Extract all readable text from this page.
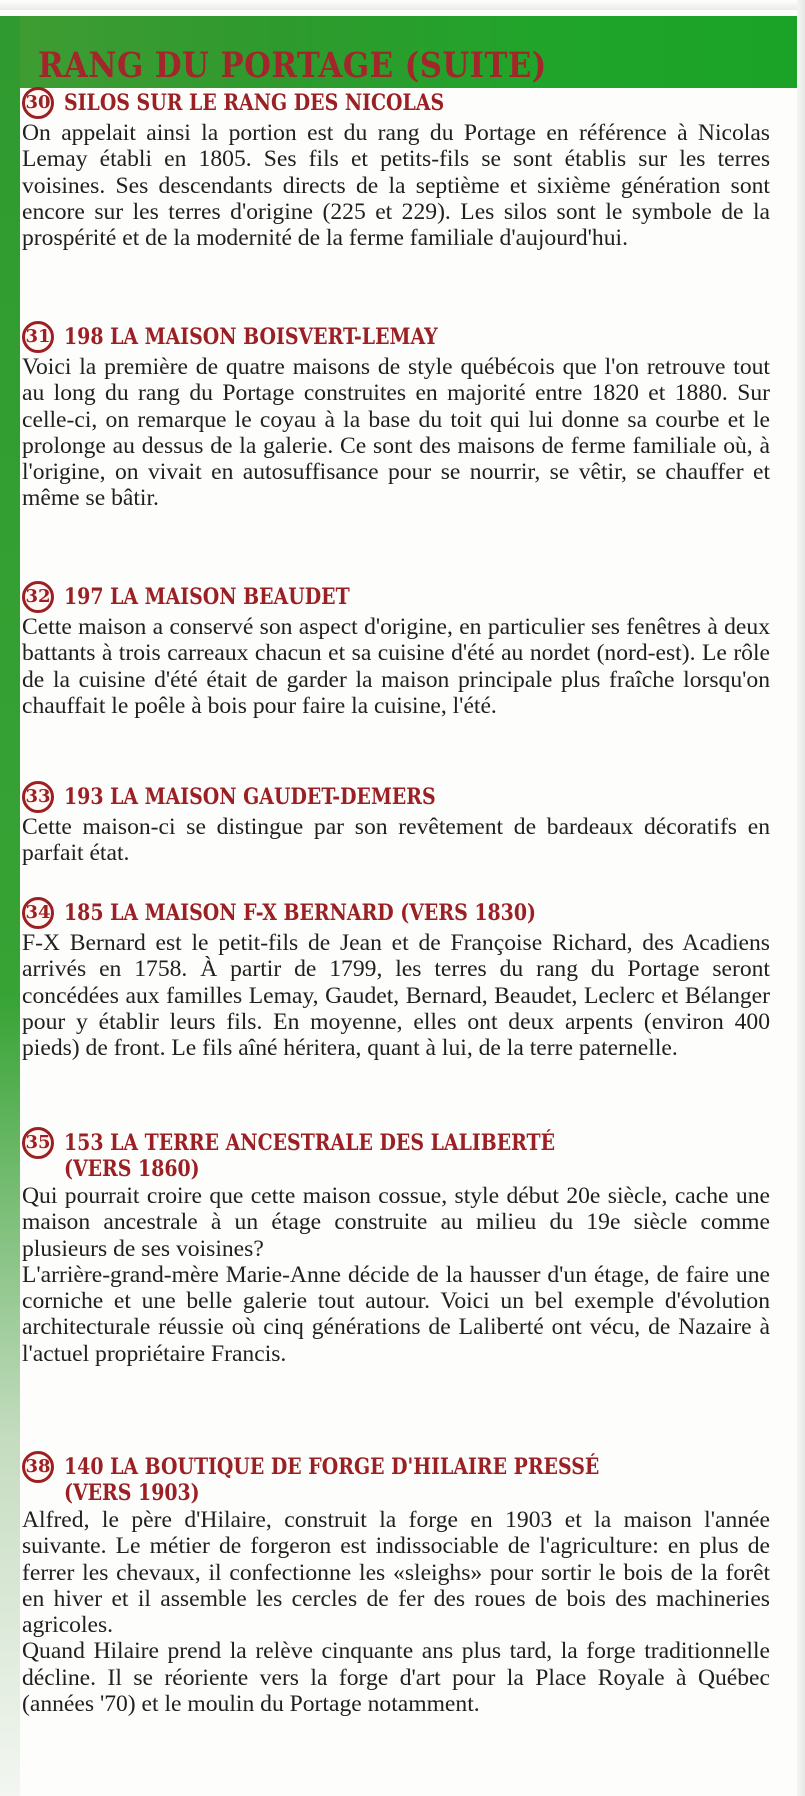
RANG DU PORTAGE (SUITE)
30 SILOS SUR LE RANG DES NICOLAS

On appelait ainsi la portion est du rang du Portage en référence à Nicolas Lemay établi en 1805. Ses fils et petits-fils se sont établis sur les terres voisines. Ses descendants directs de la septième et sixième génération sont encore sur les terres d'origine (225 et 229). Les silos sont le symbole de la prospérité et de la modernité de la ferme familiale d'aujourd'hui.

31 198 LA MAISON BOISVERT-LEMAY

Voici la première de quatre maisons de style québécois que l'on retrouve tout au long du rang du Portage construites en majorité entre 1820 et 1880. Sur celle-ci, on remarque le coyau à la base du toit qui lui donne sa courbe et le prolonge au dessus de la galerie. Ce sont des maisons de ferme familiale où, à l'origine, on vivait en autosuffisance pour se nourrir, se vêtir, se chauffer et même se bâtir.

32 197 LA MAISON BEAUDET

Cette maison a conservé son aspect d'origine, en particulier ses fenêtres à deux battants à trois carreaux chacun et sa cuisine d'été au nordet (nord-est). Le rôle de la cuisine d'été était de garder la maison principale plus fraîche lorsqu'on chauffait le poêle à bois pour faire la cuisine, l'été.

33 193 LA MAISON GAUDET-DEMERS

Cette maison-ci se distingue par son revêtement de bardeaux décoratifs en parfait état.

34 185 LA MAISON F-X BERNARD (VERS 1830)

F-X Bernard est le petit-fils de Jean et de Françoise Richard, des Acadiens arrivés en 1758. À partir de 1799, les terres du rang du Portage seront concédées aux familles Lemay, Gaudet, Bernard, Beaudet, Leclerc et Bélanger pour y établir leurs fils. En moyenne, elles ont deux arpents (environ 400 pieds) de front. Le fils aîné héritera, quant à lui, de la terre paternelle.

35 153 LA TERRE ANCESTRALE DES LALIBERTÉ
(VERS 1860)

Qui pourrait croire que cette maison cossue, style début 20e siècle, cache une maison ancestrale à un étage construite au milieu du 19e siècle comme plusieurs de ses voisines?

L'arrière-grand-mère Marie-Anne décide de la hausser d'un étage, de faire une corniche et une belle galerie tout autour. Voici un bel exemple d'évolution architecturale réussie où cinq générations de Laliberté ont vécu, de Nazaire à l'actuel propriétaire Francis.

38 140 LA BOUTIQUE DE FORGE D'HILAIRE PRESSÉ
(VERS 1903)

Alfred, le père d'Hilaire, construit la forge en 1903 et la maison l'année suivante. Le métier de forgeron est indissociable de l'agriculture: en plus de ferrer les chevaux, il confectionne les «sleighs» pour sortir le bois de la forêt en hiver et il assemble les cercles de fer des roues de bois des machineries agricoles.

Quand Hilaire prend la relève cinquante ans plus tard, la forge traditionnelle décline. Il se réoriente vers la forge d'art pour la Place Royale à Québec (années '70) et le moulin du Portage notamment.
